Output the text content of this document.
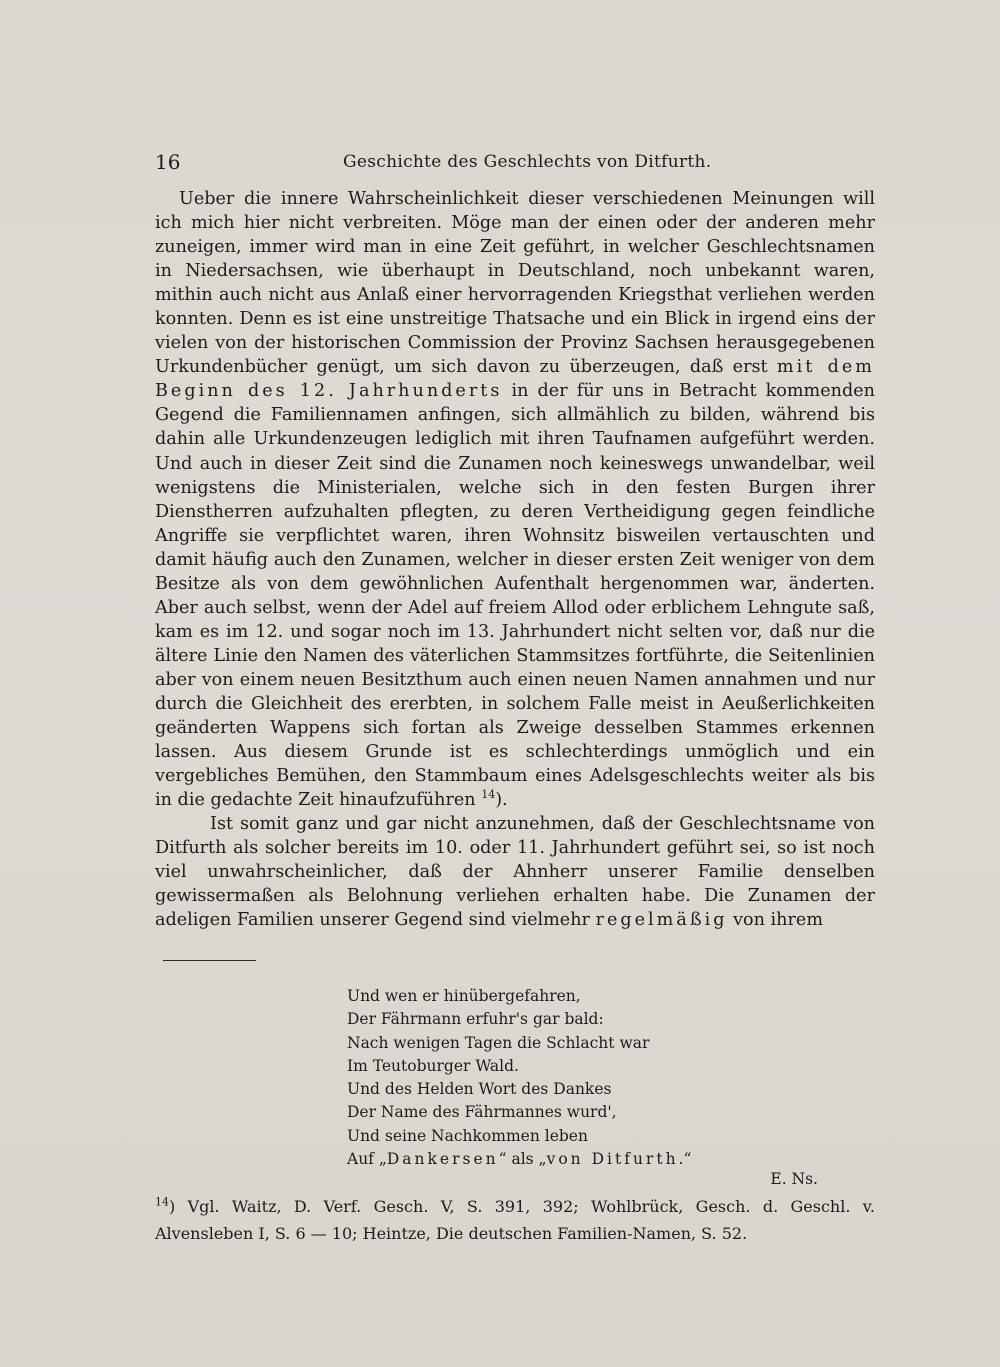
16	Geschichte des Geschlechts von Ditfurth.

Ueber die innere Wahrscheinlichkeit dieser verschiedenen Meinungen will ich mich hier nicht verbreiten. Möge man der einen oder der anderen mehr zuneigen, immer wird man in eine Zeit geführt, in welcher Geschlechtsnamen in Niedersachsen, wie überhaupt in Deutschland, noch unbekannt waren, mithin auch nicht aus Anlaß einer hervorragenden Kriegsthat verliehen werden konnten. Denn es ist eine unstreitige Thatsache und ein Blick in irgend eins der vielen von der historischen Commission der Provinz Sachsen herausgegebenen Urkundenbücher genügt, um sich davon zu überzeugen, daß erst mit dem Beginn des 12. Jahrhunderts in der für uns in Betracht kommenden Gegend die Familiennamen anfingen, sich allmählich zu bilden, während bis dahin alle Urkundenzeugen lediglich mit ihren Taufnamen aufgeführt werden. Und auch in dieser Zeit sind die Zunamen noch keineswegs unwandelbar, weil wenigstens die Ministerialen, welche sich in den festen Burgen ihrer Dienstherren aufzuhalten pflegten, zu deren Vertheidigung gegen feindliche Angriffe sie verpflichtet waren, ihren Wohnsitz bisweilen vertauschten und damit häufig auch den Zunamen, welcher in dieser ersten Zeit weniger von dem Besitze als von dem gewöhnlichen Aufenthalt hergenommen war, änderten. Aber auch selbst, wenn der Adel auf freiem Allod oder erblichem Lehngute saß, kam es im 12. und sogar noch im 13. Jahrhundert nicht selten vor, daß nur die ältere Linie den Namen des väterlichen Stammsitzes fortführte, die Seitenlinien aber von einem neuen Besitzthum auch einen neuen Namen annahmen und nur durch die Gleichheit des ererbten, in solchem Falle meist in Aeußerlichkeiten geänderten Wappens sich fortan als Zweige desselben Stammes erkennen lassen. Aus diesem Grunde ist es schlechterdings unmöglich und ein vergebliches Bemühen, den Stammbaum eines Adelsgeschlechts weiter als bis in die gedachte Zeit hinaufzuführen $^{14}$).

Ist somit ganz und gar nicht anzunehmen, daß der Geschlechtsname von Ditfurth als solcher bereits im 10. oder 11. Jahrhundert geführt sei, so ist noch viel unwahrscheinlicher, daß der Ahnherr unserer Familie denselben gewissermaßen als Belohnung verliehen erhalten habe. Die Zunamen der adeligen Familien unserer Gegend sind vielmehr regelmäßig von ihrem

Und wen er hinübergefahren,
Der Fährmann erfuhr's gar bald:
Nach wenigen Tagen die Schlacht war
Im Teutoburger Wald.
Und des Helden Wort des Dankes
Der Name des Fährmannes wurd',
Und seine Nachkommen leben
Auf „Dankersen“ als „von Ditfurth.“
E. Ns.
$^{14}$) Vgl. Waitz, D. Verf. Gesch. V, S. 391, 392; Wohlbrück, Gesch. d. Geschl. v. Alvensleben I, S. 6 — 10; Heintze, Die deutschen Familien-Namen, S. 52.
